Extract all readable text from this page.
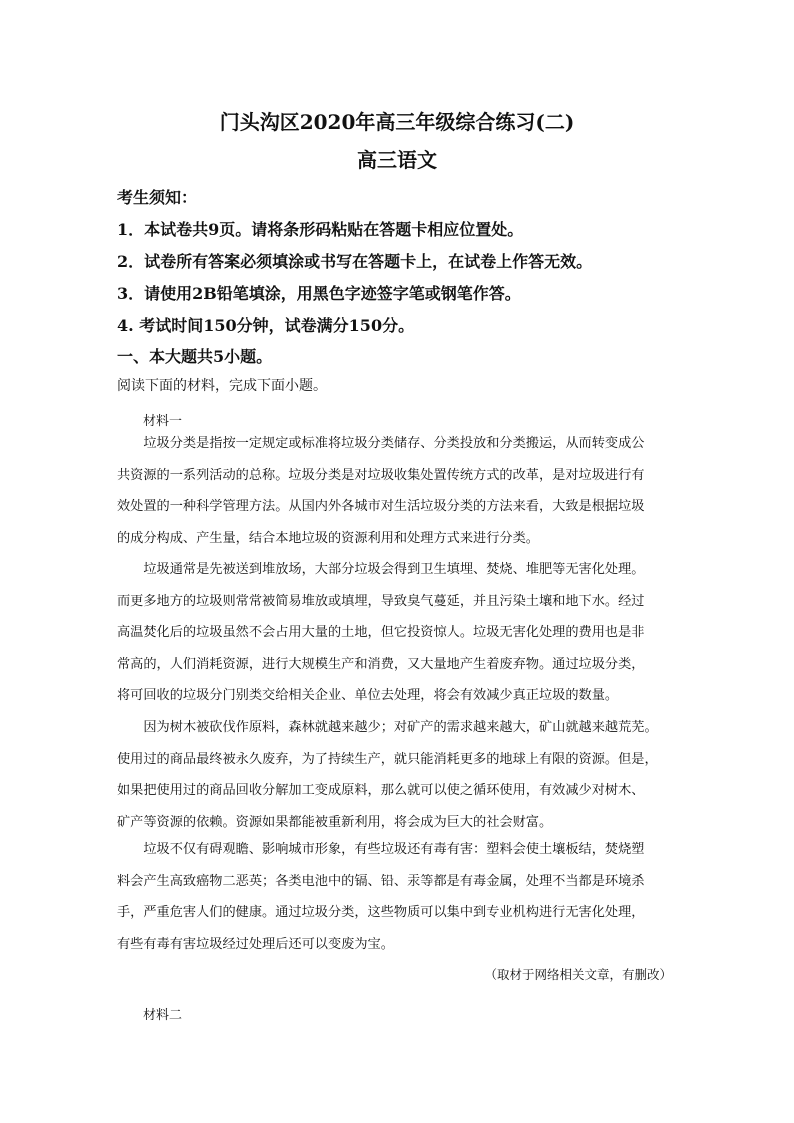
门头沟区2020年高三年级综合练习(二)
高三语文
考生须知：
1．本试卷共9页。请将条形码粘贴在答题卡相应位置处。
2．试卷所有答案必须填涂或书写在答题卡上，在试卷上作答无效。
3．请使用2B铅笔填涂，用黑色字迹签字笔或钢笔作答。
4. 考试时间150分钟，试卷满分150分。
一、本大题共5小题。
阅读下面的材料，完成下面小题。
材料一
　　垃圾分类是指按一定规定或标准将垃圾分类储存、分类投放和分类搬运，从而转变成公
共资源的一系列活动的总称。垃圾分类是对垃圾收集处置传统方式的改革，是对垃圾进行有
效处置的一种科学管理方法。从国内外各城市对生活垃圾分类的方法来看，大致是根据垃圾
的成分构成、产生量，结合本地垃圾的资源利用和处理方式来进行分类。
　　垃圾通常是先被送到堆放场，大部分垃圾会得到卫生填埋、焚烧、堆肥等无害化处理。
而更多地方的垃圾则常常被简易堆放或填埋，导致臭气蔓延，并且污染土壤和地下水。经过
高温焚化后的垃圾虽然不会占用大量的土地，但它投资惊人。垃圾无害化处理的费用也是非
常高的，人们消耗资源，进行大规模生产和消费，又大量地产生着废弃物。通过垃圾分类，
将可回收的垃圾分门别类交给相关企业、单位去处理，将会有效减少真正垃圾的数量。
　　因为树木被砍伐作原料，森林就越来越少；对矿产的需求越来越大，矿山就越来越荒芜。
使用过的商品最终被永久废弃，为了持续生产，就只能消耗更多的地球上有限的资源。但是，
如果把使用过的商品回收分解加工变成原料，那么就可以使之循环使用，有效减少对树木、
矿产等资源的依赖。资源如果都能被重新利用，将会成为巨大的社会财富。
　　垃圾不仅有碍观瞻、影响城市形象，有些垃圾还有毒有害：塑料会使土壤板结，焚烧塑
料会产生高致癌物二恶英；各类电池中的镉、铅、汞等都是有毒金属，处理不当都是环境杀
手，严重危害人们的健康。通过垃圾分类，这些物质可以集中到专业机构进行无害化处理，
有些有毒有害垃圾经过处理后还可以变废为宝。
（取材于网络相关文章，有删改）
材料二
